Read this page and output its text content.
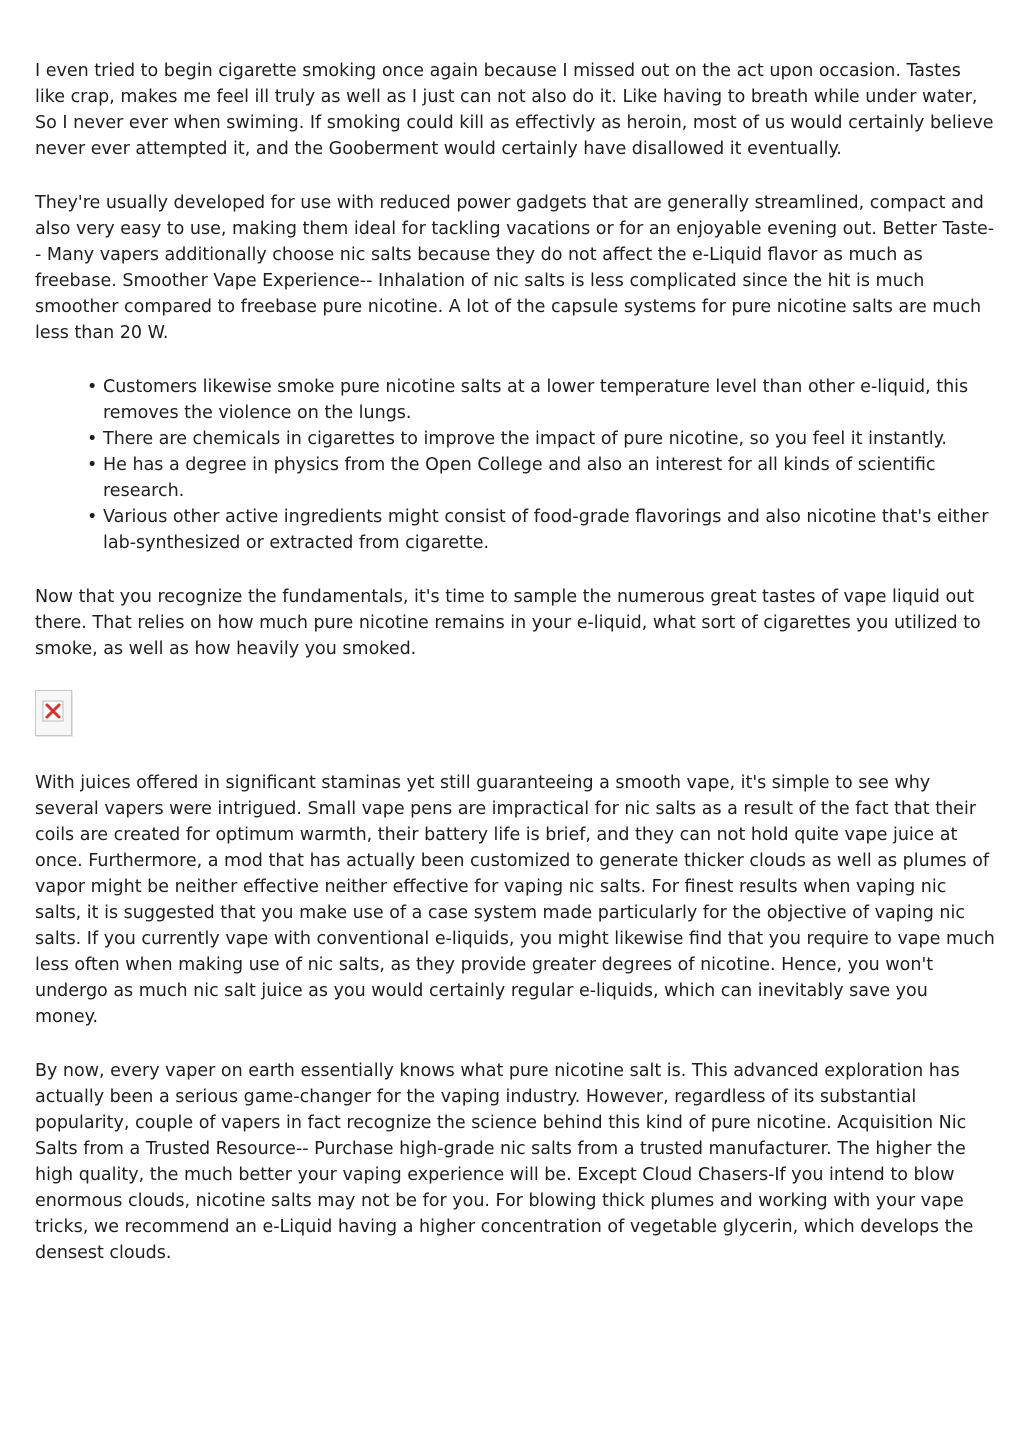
I even tried to begin cigarette smoking once again because I missed out on the act upon occasion. Tastes like crap, makes me feel ill truly as well as I just can not also do it. Like having to breath while under water, So I never ever when swiming. If smoking could kill as effectivly as heroin, most of us would certainly believe never ever attempted it, and the Gooberment would certainly have disallowed it eventually.

They're usually developed for use with reduced power gadgets that are generally streamlined, compact and also very easy to use, making them ideal for tackling vacations or for an enjoyable evening out. Better Taste-- Many vapers additionally choose nic salts because they do not affect the e-Liquid flavor as much as freebase. Smoother Vape Experience-- Inhalation of nic salts is less complicated since the hit is much smoother compared to freebase pure nicotine. A lot of the capsule systems for pure nicotine salts are much less than 20 W.

• Customers likewise smoke pure nicotine salts at a lower temperature level than other e-liquid, this removes the violence on the lungs.
• There are chemicals in cigarettes to improve the impact of pure nicotine, so you feel it instantly.
• He has a degree in physics from the Open College and also an interest for all kinds of scientific research.
• Various other active ingredients might consist of food-grade flavorings and also nicotine that's either lab-synthesized or extracted from cigarette.

Now that you recognize the fundamentals, it's time to sample the numerous great tastes of vape liquid out there. That relies on how much pure nicotine remains in your e-liquid, what sort of cigarettes you utilized to smoke, as well as how heavily you smoked.

With juices offered in significant staminas yet still guaranteeing a smooth vape, it's simple to see why several vapers were intrigued. Small vape pens are impractical for nic salts as a result of the fact that their coils are created for optimum warmth, their battery life is brief, and they can not hold quite vape juice at once. Furthermore, a mod that has actually been customized to generate thicker clouds as well as plumes of vapor might be neither effective neither effective for vaping nic salts. For finest results when vaping nic salts, it is suggested that you make use of a case system made particularly for the objective of vaping nic salts. If you currently vape with conventional e-liquids, you might likewise find that you require to vape much less often when making use of nic salts, as they provide greater degrees of nicotine. Hence, you won't undergo as much nic salt juice as you would certainly regular e-liquids, which can inevitably save you money.

By now, every vaper on earth essentially knows what pure nicotine salt is. This advanced exploration has actually been a serious game-changer for the vaping industry. However, regardless of its substantial popularity, couple of vapers in fact recognize the science behind this kind of pure nicotine. Acquisition Nic Salts from a Trusted Resource-- Purchase high-grade nic salts from a trusted manufacturer. The higher the high quality, the much better your vaping experience will be. Except Cloud Chasers-If you intend to blow enormous clouds, nicotine salts may not be for you. For blowing thick plumes and working with your vape tricks, we recommend an e-Liquid having a higher concentration of vegetable glycerin, which develops the densest clouds.
